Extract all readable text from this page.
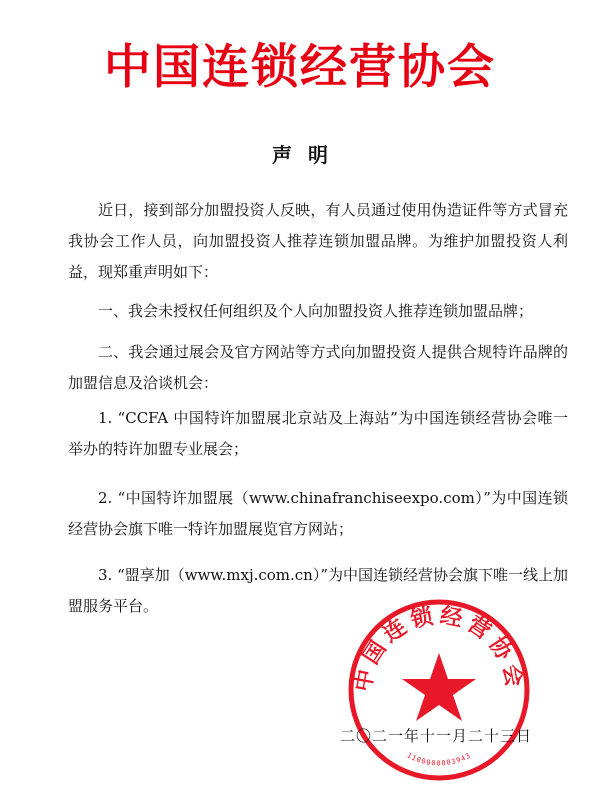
中国连锁经营协会
声明

近日，接到部分加盟投资人反映，有人员通过使用伪造证件等方式冒充我协会工作人员，向加盟投资人推荐连锁加盟品牌。为维护加盟投资人利益，现郑重声明如下：

一、我会未授权任何组织及个人向加盟投资人推荐连锁加盟品牌；

二、我会通过展会及官方网站等方式向加盟投资人提供合规特许品牌的加盟信息及洽谈机会：

1. “CCFA 中国特许加盟展北京站及上海站”为中国连锁经营协会唯一举办的特许加盟专业展会；

2. “中国特许加盟展（www.chinafranchiseexpo.com）”为中国连锁经营协会旗下唯一特许加盟展览官方网站；

3. “盟享加（www.mxj.com.cn）”为中国连锁经营协会旗下唯一线上加盟服务平台。

中国连锁经营协会
1100000003943
二〇二一年十一月二十三日
